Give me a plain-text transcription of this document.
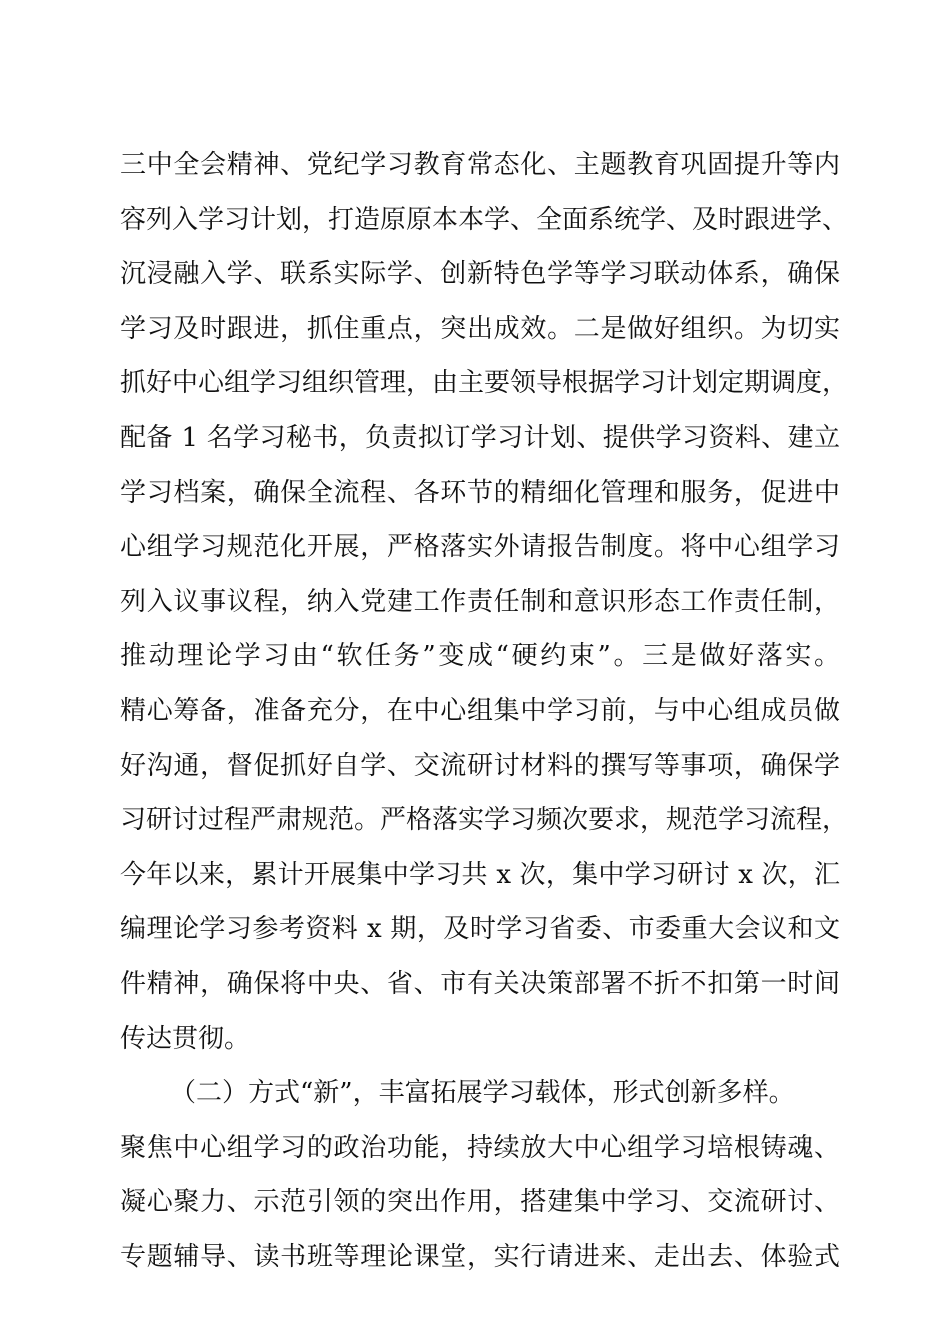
三中全会精神、党纪学习教育常态化、主题教育巩固提升等内
容列入学习计划，打造原原本本学、全面系统学、及时跟进学、
沉浸融入学、联系实际学、创新特色学等学习联动体系，确保
学习及时跟进，抓住重点，突出成效。二是做好组织。为切实
抓好中心组学习组织管理，由主要领导根据学习计划定期调度，
配备 1 名学习秘书，负责拟订学习计划、提供学习资料、建立
学习档案，确保全流程、各环节的精细化管理和服务，促进中
心组学习规范化开展，严格落实外请报告制度。将中心组学习
列入议事议程，纳入党建工作责任制和意识形态工作责任制，
推动理论学习由“软任务”变成“硬约束”。三是做好落实。
精心筹备，准备充分，在中心组集中学习前，与中心组成员做
好沟通，督促抓好自学、交流研讨材料的撰写等事项，确保学
习研讨过程严肃规范。严格落实学习频次要求，规范学习流程，
今年以来，累计开展集中学习共 x 次，集中学习研讨 x 次，汇
编理论学习参考资料 x 期，及时学习省委、市委重大会议和文
件精神，确保将中央、省、市有关决策部署不折不扣第一时间
传达贯彻。
（二）方式“新”，丰富拓展学习载体，形式创新多样。
聚焦中心组学习的政治功能，持续放大中心组学习培根铸魂、
凝心聚力、示范引领的突出作用，搭建集中学习、交流研讨、
专题辅导、读书班等理论课堂，实行请进来、走出去、体验式
